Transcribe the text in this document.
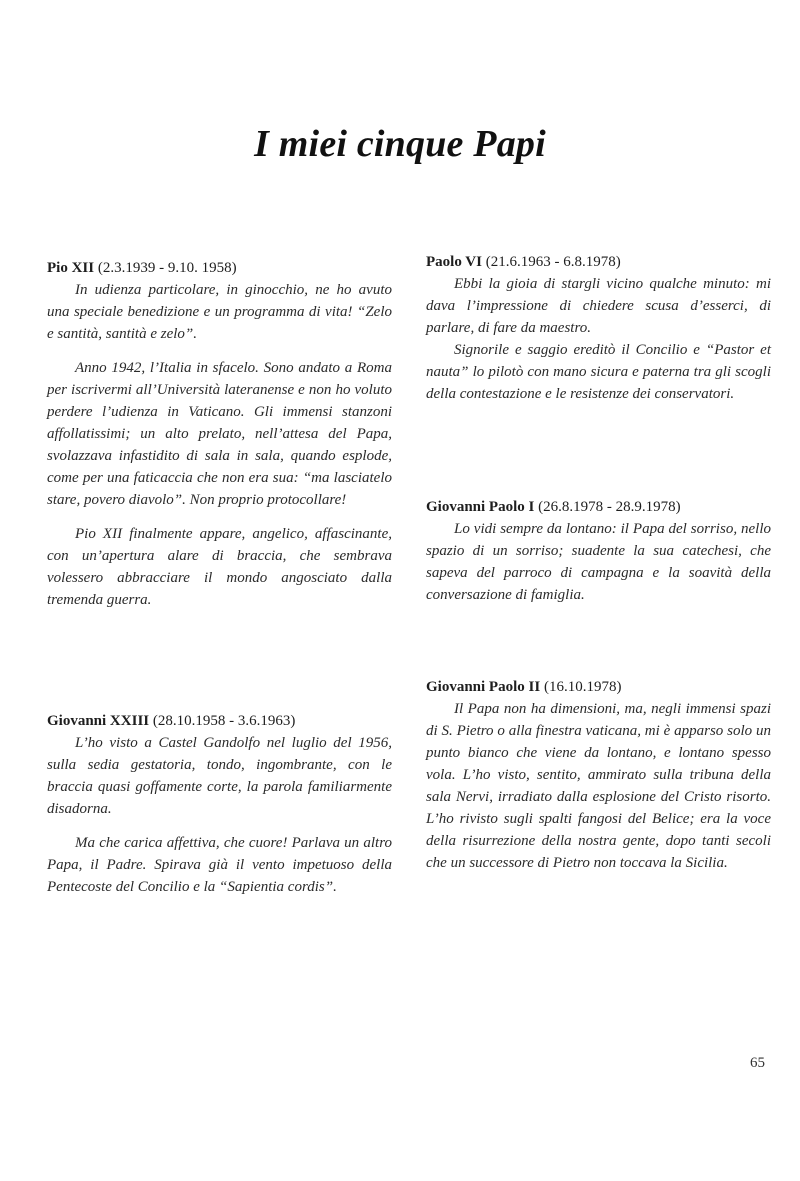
I miei cinque Papi

Pio XII (2.3.1939 - 9.10. 1958)

In udienza particolare, in ginocchio, ne ho avuto una speciale benedizione e un programma di vita! “Zelo e santità, santità e zelo”.

Anno 1942, l’Italia in sfacelo. Sono andato a Roma per iscrivermi all’Università lateranense e non ho voluto perdere l’udienza in Vaticano. Gli immensi stanzoni affollatissimi; un alto prelato, nell’attesa del Papa, svolazzava infastidito di sala in sala, quando esplode, come per una faticaccia che non era sua: “ma lasciatelo stare, povero diavolo”. Non proprio protocollare!

Pio XII finalmente appare, angelico, affascinante, con un’apertura alare di braccia, che sembrava volessero abbracciare il mondo angosciato dalla tremenda guerra.

Giovanni XXIII (28.10.1958 - 3.6.1963)

L’ho visto a Castel Gandolfo nel luglio del 1956, sulla sedia gestatoria, tondo, ingombrante, con le braccia quasi goffamente corte, la parola familiarmente disadorna.

Ma che carica affettiva, che cuore! Parlava un altro Papa, il Padre. Spirava già il vento impetuoso della Pentecoste del Concilio e la “Sapientia cordis”.

Paolo VI (21.6.1963 - 6.8.1978)

Ebbi la gioia di stargli vicino qualche minuto: mi dava l’impressione di chiedere scusa d’esserci, di parlare, di fare da maestro.

Signorile e saggio ereditò il Concilio e “Pastor et nauta” lo pilotò con mano sicura e paterna tra gli scogli della contestazione e le resistenze dei conservatori.

Giovanni Paolo I (26.8.1978 - 28.9.1978)

Lo vidi sempre da lontano: il Papa del sorriso, nello spazio di un sorriso; suadente la sua catechesi, che sapeva del parroco di campagna e la soavità della conversazione di famiglia.

Giovanni Paolo II (16.10.1978)

Il Papa non ha dimensioni, ma, negli immensi spazi di S. Pietro o alla finestra vaticana, mi è apparso solo un punto bianco che viene da lontano, e lontano spesso vola. L’ho visto, sentito, ammirato sulla tribuna della sala Nervi, irradiato dalla esplosione del Cristo risorto. L’ho rivisto sugli spalti fangosi del Belice; era la voce della risurrezione della nostra gente, dopo tanti secoli che un successore di Pietro non toccava la Sicilia.

65
